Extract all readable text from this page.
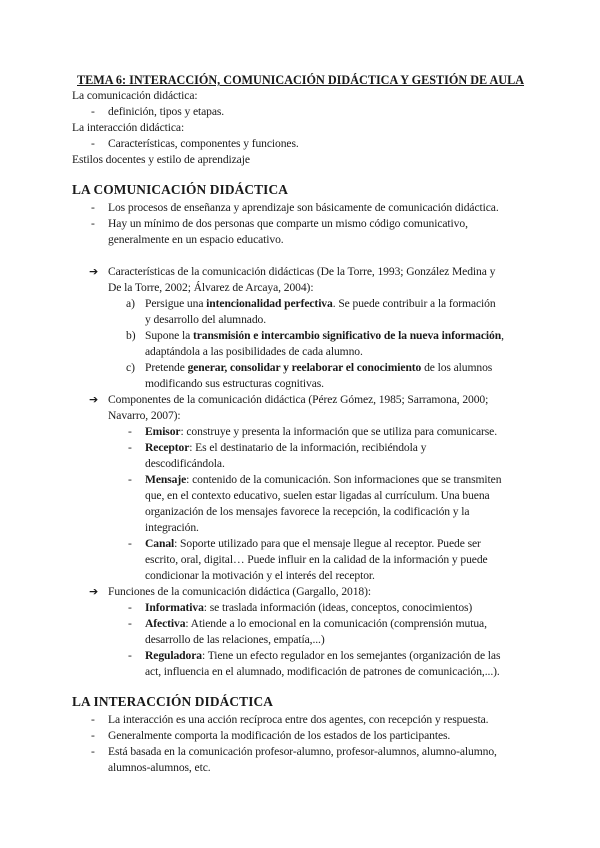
TEMA 6: INTERACCIÓN, COMUNICACIÓN DIDÁCTICA Y GESTIÓN DE AULA
La comunicación didáctica:
- definición, tipos y etapas.
La interacción didáctica:
- Características, componentes y funciones.
Estilos docentes y estilo de aprendizaje
LA COMUNICACIÓN DIDÁCTICA
- Los procesos de enseñanza y aprendizaje son básicamente de comunicación didáctica.
- Hay un mínimo de dos personas que comparte un mismo código comunicativo,
generalmente en un espacio educativo.
➔ Características de la comunicación didácticas (De la Torre, 1993; González Medina y
De la Torre, 2002; Álvarez de Arcaya, 2004):
a) Persigue una intencionalidad perfectiva. Se puede contribuir a la formación
y desarrollo del alumnado.
b) Supone la transmisión e intercambio significativo de la nueva información,
adaptándola a las posibilidades de cada alumno.
c) Pretende generar, consolidar y reelaborar el conocimiento de los alumnos
modificando sus estructuras cognitivas.
➔ Componentes de la comunicación didáctica (Pérez Gómez, 1985; Sarramona, 2000;
Navarro, 2007):
- Emisor: construye y presenta la información que se utiliza para comunicarse.
- Receptor: Es el destinatario de la información, recibiéndola y
descodificándola.
- Mensaje: contenido de la comunicación. Son informaciones que se transmiten
que, en el contexto educativo, suelen estar ligadas al currículum. Una buena
organización de los mensajes favorece la recepción, la codificación y la
integración.
- Canal: Soporte utilizado para que el mensaje llegue al receptor. Puede ser
escrito, oral, digital… Puede influir en la calidad de la información y puede
condicionar la motivación y el interés del receptor.
➔ Funciones de la comunicación didáctica (Gargallo, 2018):
- Informativa: se traslada información (ideas, conceptos, conocimientos)
- Afectiva: Atiende a lo emocional en la comunicación (comprensión mutua,
desarrollo de las relaciones, empatía,...)
- Reguladora: Tiene un efecto regulador en los semejantes (organización de las
act, influencia en el alumnado, modificación de patrones de comunicación,...).
LA INTERACCIÓN DIDÁCTICA
- La interacción es una acción recíproca entre dos agentes, con recepción y respuesta.
- Generalmente comporta la modificación de los estados de los participantes.
- Está basada en la comunicación profesor-alumno, profesor-alumnos, alumno-alumno,
alumnos-alumnos, etc.
